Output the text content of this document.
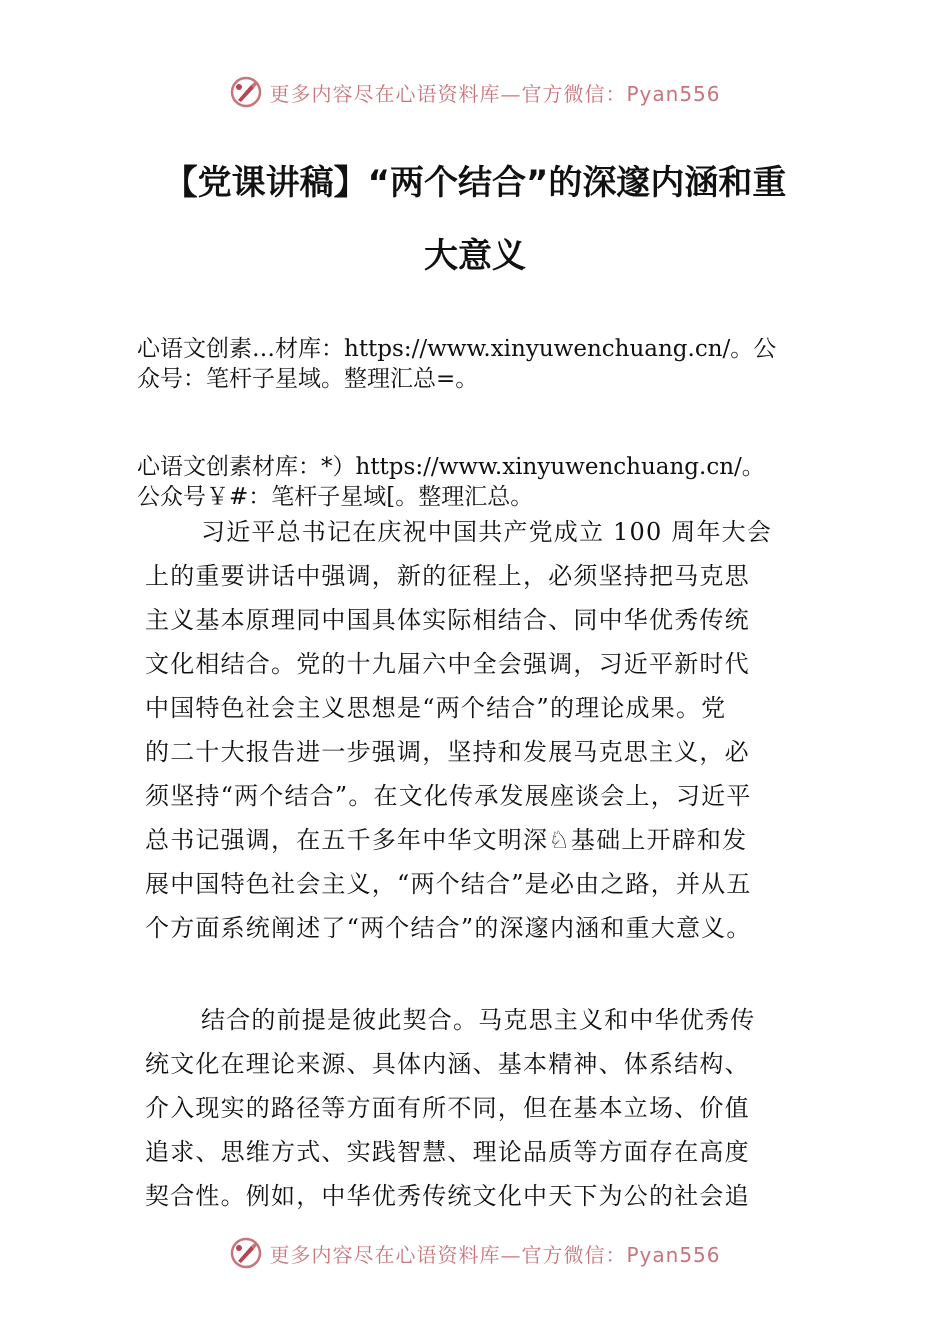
更多内容尽在心语资料库—官方微信：Pyan556
【党课讲稿】“两个结合”的深邃内涵和重
大意义
心语文创素…材库：https://www.xinyuwenchuang.cn/。公
众号：笔杆子星域。整理汇总=。
心语文创素材库：*）https://www.xinyuwenchuang.cn/。
公众号￥#：笔杆子星域[。整理汇总。
习近平总书记在庆祝中国共产党成立 100 周年大会
上的重要讲话中强调，新的征程上，必须坚持把马克思
主义基本原理同中国具体实际相结合、同中华优秀传统
文化相结合。党的十九届六中全会强调，习近平新时代
中国特色社会主义思想是“两个结合”的理论成果。党
的二十大报告进一步强调，坚持和发展马克思主义，必
须坚持“两个结合”。在文化传承发展座谈会上，习近平
总书记强调，在五千多年中华文明深♘基础上开辟和发
展中国特色社会主义，“两个结合”是必由之路，并从五
个方面系统阐述了“两个结合”的深邃内涵和重大意义。
结合的前提是彼此契合。马克思主义和中华优秀传
统文化在理论来源、具体内涵、基本精神、体系结构、
介入现实的路径等方面有所不同，但在基本立场、价值
追求、思维方式、实践智慧、理论品质等方面存在高度
契合性。例如，中华优秀传统文化中天下为公的社会追
更多内容尽在心语资料库—官方微信：Pyan556
